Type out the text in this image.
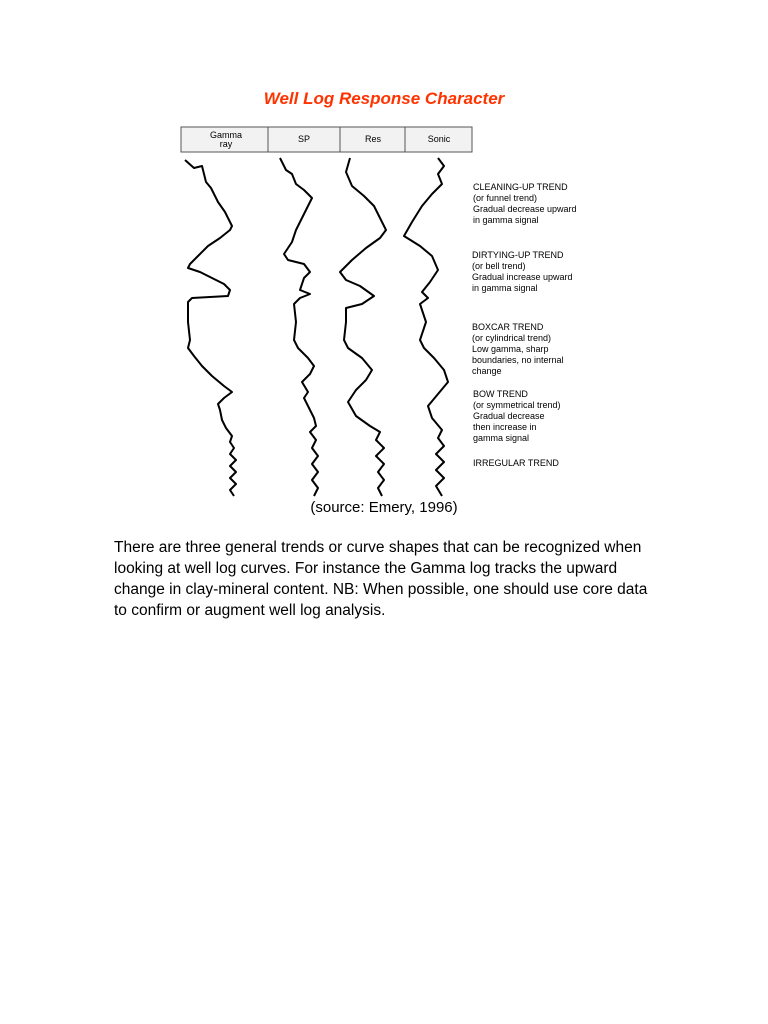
Well Log Response Character
Gamma
ray	SP	Res	Sonic
CLEANING-UP TREND
(or funnel trend)
Gradual decrease upward
in gamma signal
DIRTYING-UP TREND
(or bell trend)
Gradual increase upward
in gamma signal
BOXCAR TREND
(or cylindrical trend)
Low gamma, sharp
boundaries, no internal
change
BOW TREND
(or symmetrical trend)
Gradual decrease
then increase in
gamma signal
IRREGULAR TREND

(source: Emery, 1996)

There are three general trends or curve shapes that can be recognized when looking at well log curves. For instance the Gamma log tracks the upward change in clay-mineral content. NB: When possible, one should use core data to confirm or augment well log analysis.
